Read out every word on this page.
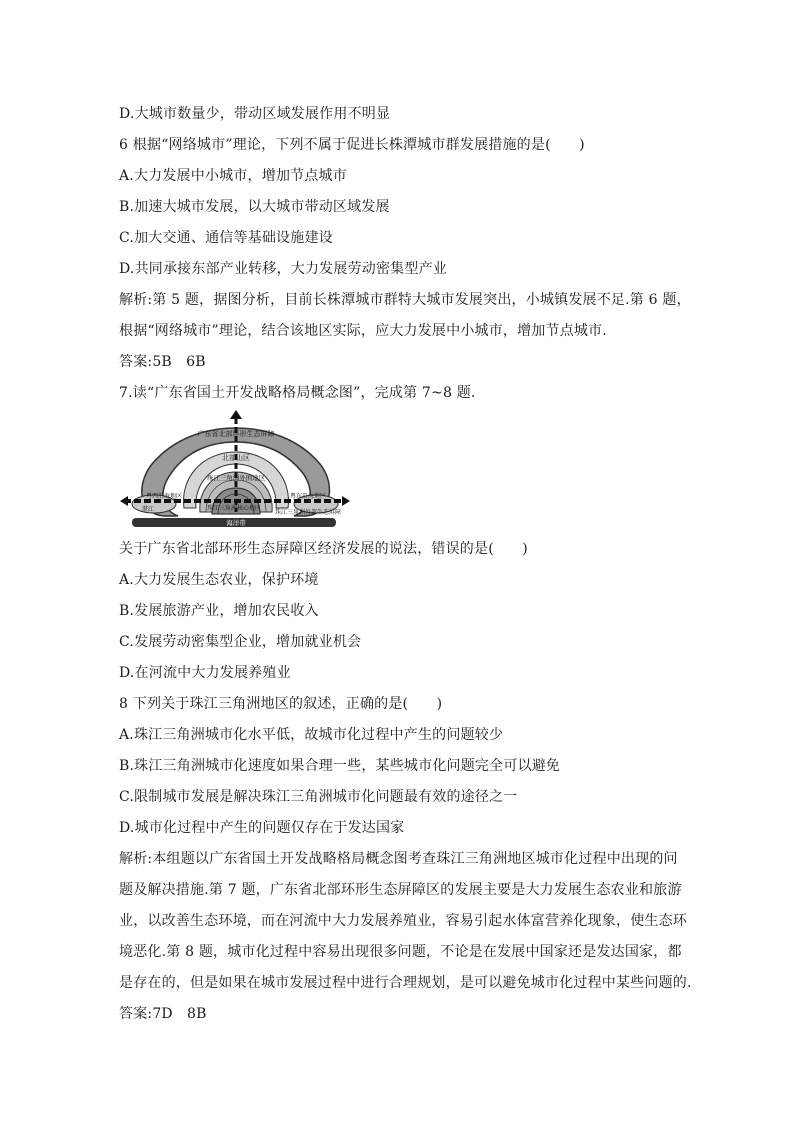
D.大城市数量少，带动区域发展作用不明显
6 根据“网络城市”理论，下列不属于促进长株潭城市群发展措施的是(　　)
A.大力发展中小城市，增加节点城市
B.加速大城市发展，以大城市带动区域发展
C.加大交通、通信等基础设施建设
D.共同承接东部产业转移，大力发展劳动密集型产业
解析:第 5 题，据图分析，目前长株潭城市群特大城市发展突出，小城镇发展不足.第 6 题，
根据“网络城市”理论，结合该地区实际，应大力发展中小城市，增加节点城市.
答案:5B　6B
7.读“广东省国土开发战略格局概念图”，完成第 7~8 题.
广东省北部环形生态屏障
北部山区
珠江三角洲外围地区
粤西沿海地区
湛江	珠江三角洲核心地区
粤东沿海地区
珠江三角洲外部生态屏障
海洋带
关于广东省北部环形生态屏障区经济发展的说法，错误的是(　　)
A.大力发展生态农业，保护环境
B.发展旅游产业，增加农民收入
C.发展劳动密集型企业，增加就业机会
D.在河流中大力发展养殖业
8 下列关于珠江三角洲地区的叙述，正确的是(　　)
A.珠江三角洲城市化水平低，故城市化过程中产生的问题较少
B.珠江三角洲城市化速度如果合理一些，某些城市化问题完全可以避免
C.限制城市发展是解决珠江三角洲城市化问题最有效的途径之一
D.城市化过程中产生的问题仅存在于发达国家
解析:本组题以广东省国土开发战略格局概念图考查珠江三角洲地区城市化过程中出现的问
题及解决措施.第 7 题，广东省北部环形生态屏障区的发展主要是大力发展生态农业和旅游
业，以改善生态环境，而在河流中大力发展养殖业，容易引起水体富营养化现象，使生态环
境恶化.第 8 题，城市化过程中容易出现很多问题，不论是在发展中国家还是发达国家，都
是存在的，但是如果在城市发展过程中进行合理规划，是可以避免城市化过程中某些问题的.
答案:7D　8B
